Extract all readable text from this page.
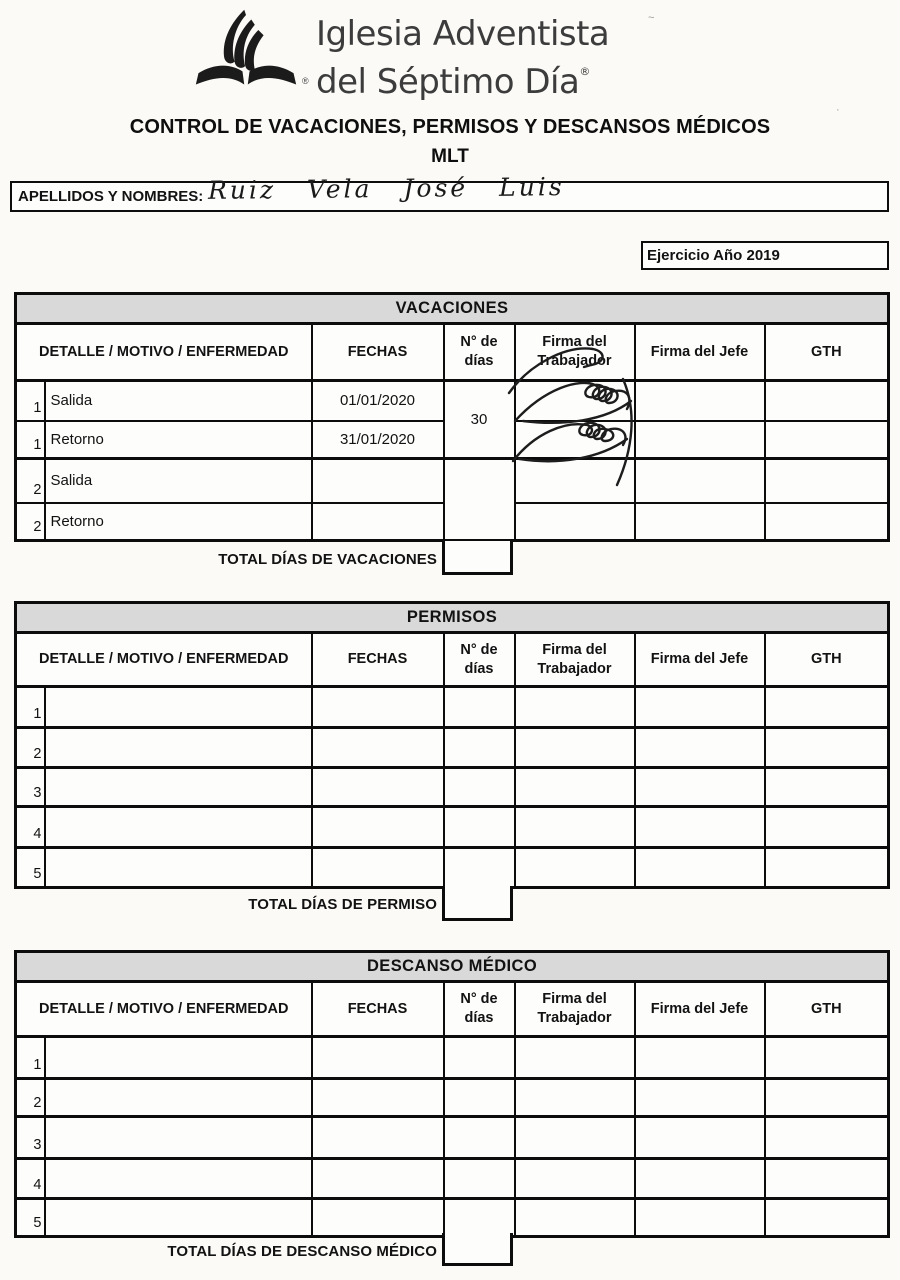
®
Iglesia Adventista
del Séptimo Día®
CONTROL DE VACACIONES, PERMISOS Y DESCANSOS MÉDICOS
MLT
APELLIDOS Y NOMBRES: Ruiz Vela José Luis
Ejercicio Año 2019
VACACIONES						
DETALLE / MOTIVO / ENFERMEDAD		FECHAS	N° de días	Firma del Trabajador	Firma del Jefe	GTH
1	Salida	01/01/2020	30			
1	Retorno	31/01/2020				
2	Salida					
2	Retorno					
TOTAL DÍAS DE VACACIONES
PERMISOS						
DETALLE / MOTIVO / ENFERMEDAD		FECHAS	N° de días	Firma del Trabajador	Firma del Jefe	GTH
1						
2						
3						
4						
5						
TOTAL DÍAS DE PERMISO
DESCANSO MÉDICO						
DETALLE / MOTIVO / ENFERMEDAD		FECHAS	N° de días	Firma del Trabajador	Firma del Jefe	GTH
1						
2						
3						
4						
5						
TOTAL DÍAS DE DESCANSO MÉDICO
~
·
